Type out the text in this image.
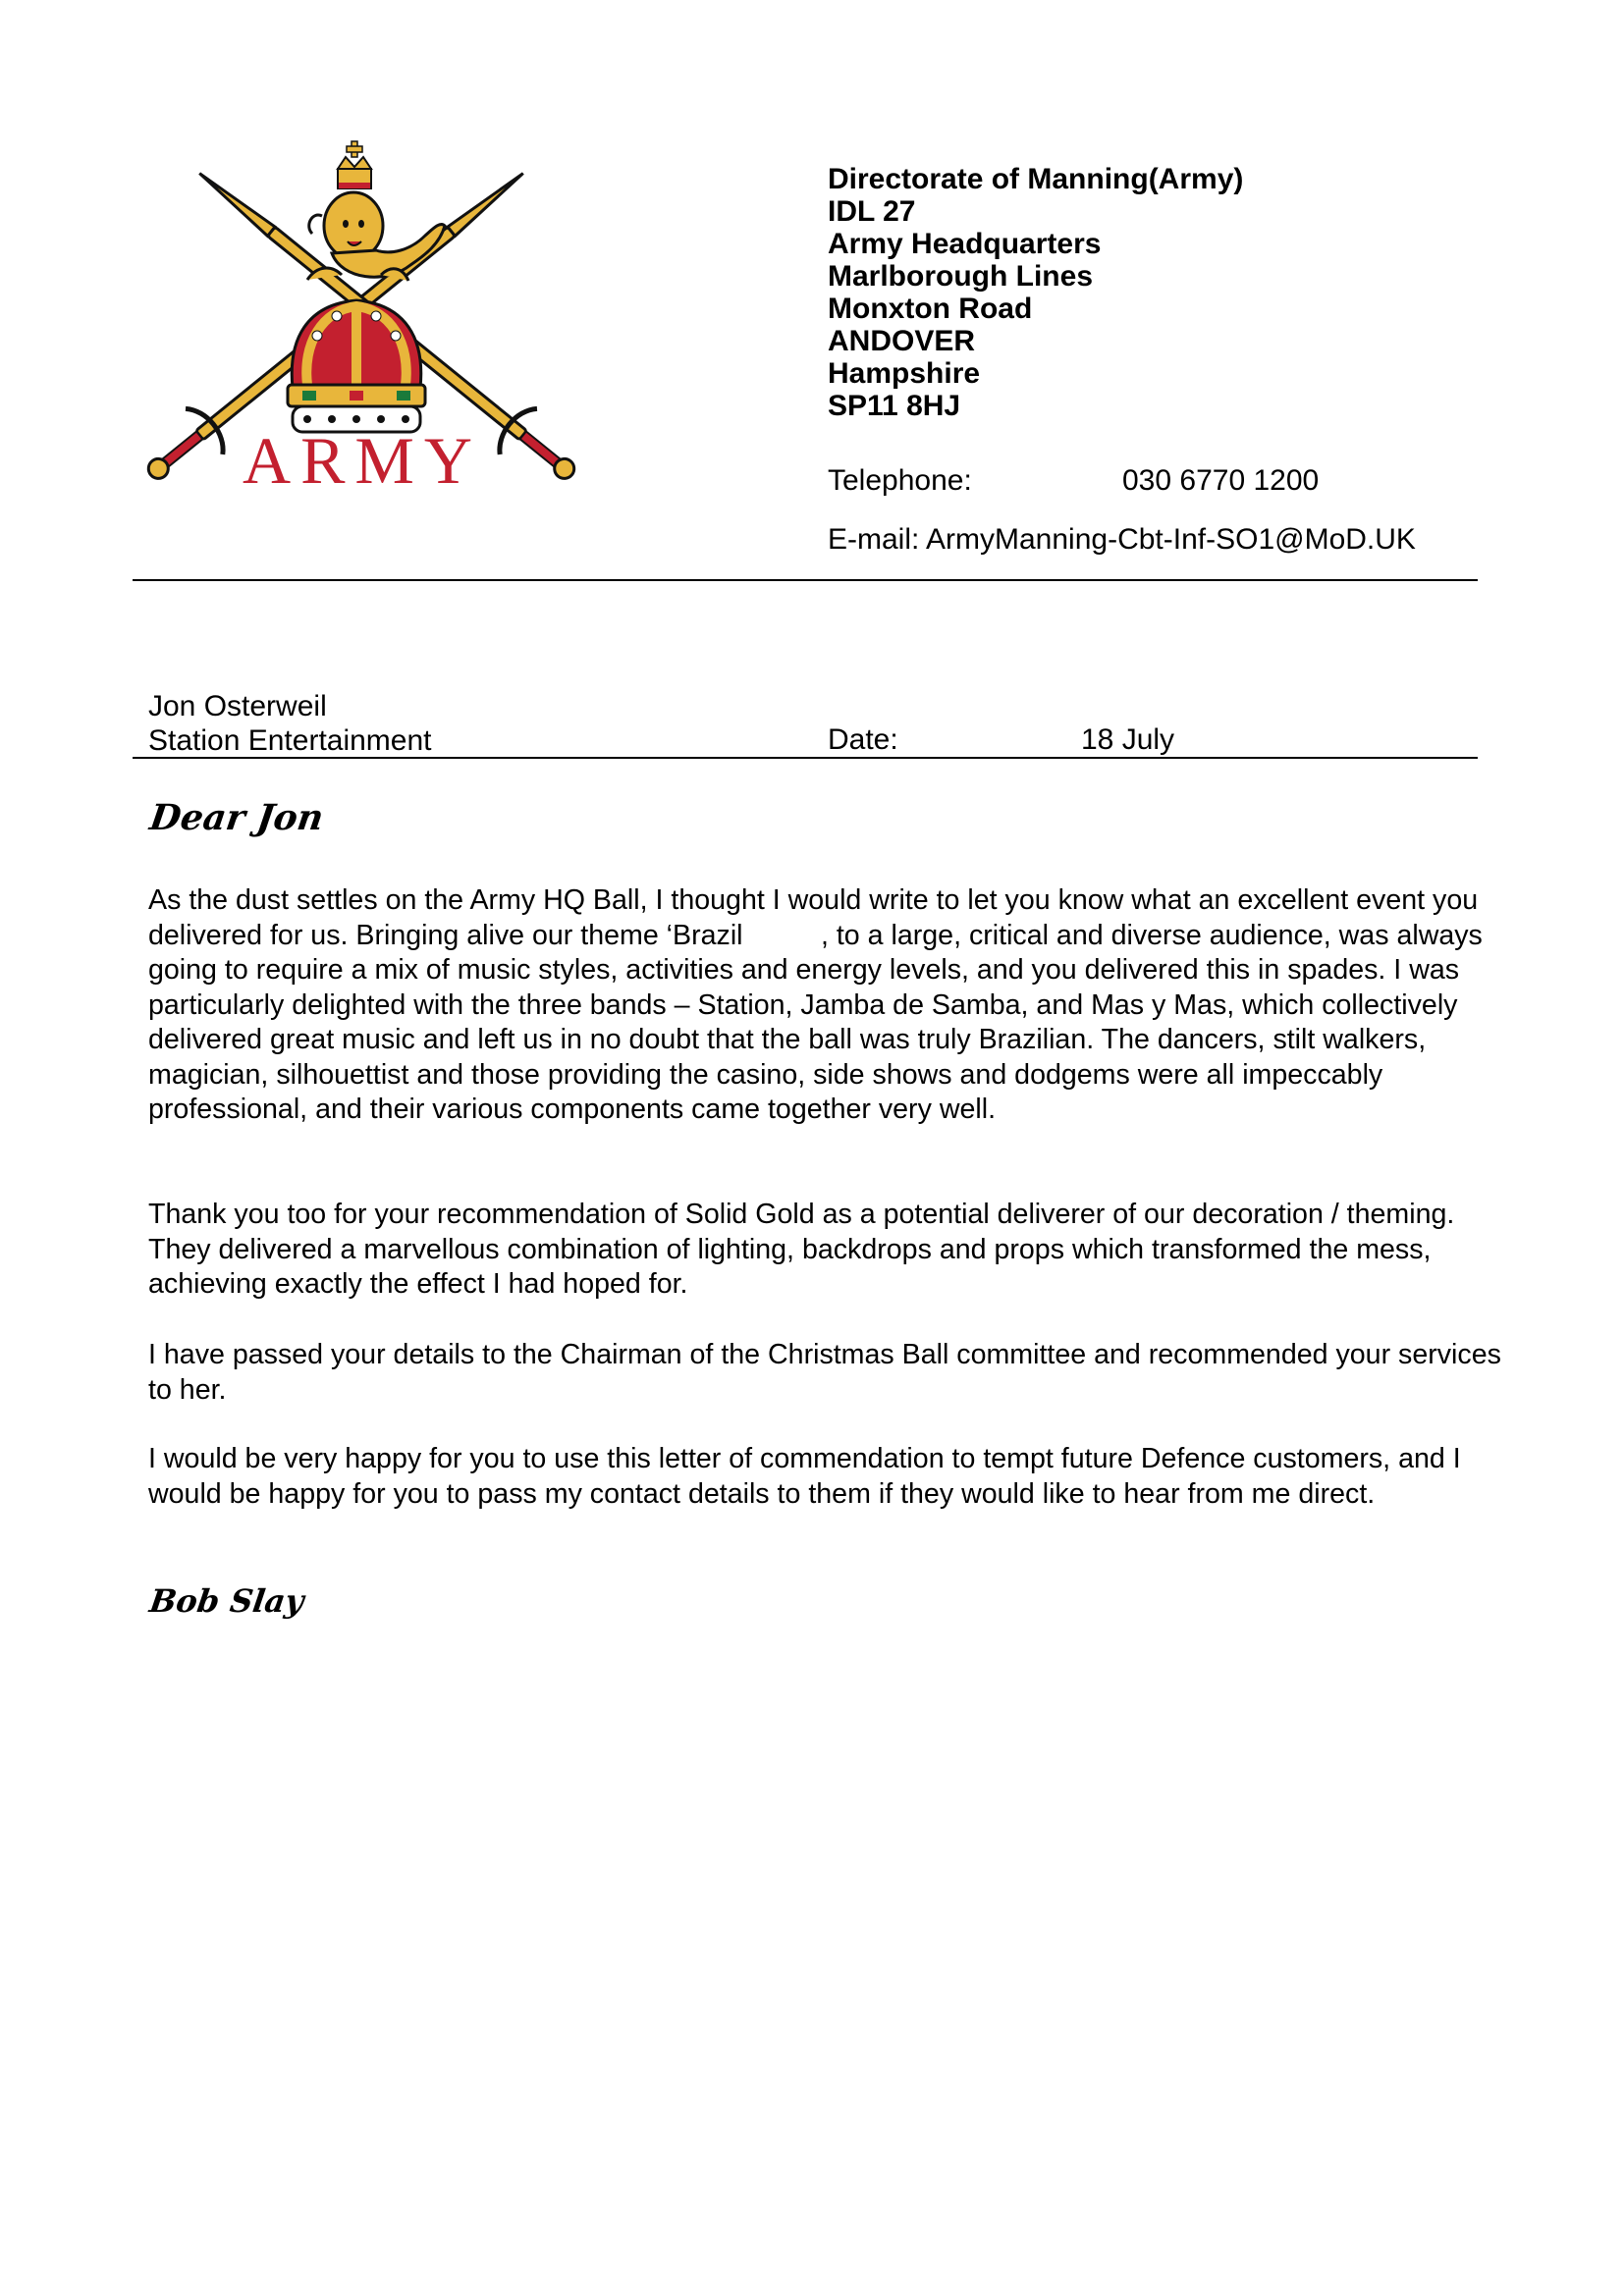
ARMY
Directorate of Manning(Army)
IDL 27
Army Headquarters
Marlborough Lines
Monxton Road
ANDOVER
Hampshire
SP11 8HJ
Telephone:	030 6770 1200
E-mail: ArmyManning-Cbt-Inf-SO1@MoD.UK
Jon Osterweil
Station Entertainment	Date:	18 July
Dear Jon
As the dust settles on the Army HQ Ball, I thought I would write to let you know what an excellent event you delivered for us. Bringing alive our theme ‘Brazil          , to a large, critical and diverse audience, was always going to require a mix of music styles, activities and energy levels, and you delivered this in spades. I was particularly delighted with the three bands – Station, Jamba de Samba, and Mas y Mas, which collectively delivered great music and left us in no doubt that the ball was truly Brazilian. The dancers, stilt walkers, magician, silhouettist and those providing the casino, side shows and dodgems were all impeccably professional, and their various components came together very well.
Thank you too for your recommendation of Solid Gold as a potential deliverer of our decoration / theming. They delivered a marvellous combination of lighting, backdrops and props which transformed the mess, achieving exactly the effect I had hoped for.
I have passed your details to the Chairman of the Christmas Ball committee and recommended your services to her.
I would be very happy for you to use this letter of commendation to tempt future Defence customers, and I would be happy for you to pass my contact details to them if they would like to hear from me direct.
Bob Slay
